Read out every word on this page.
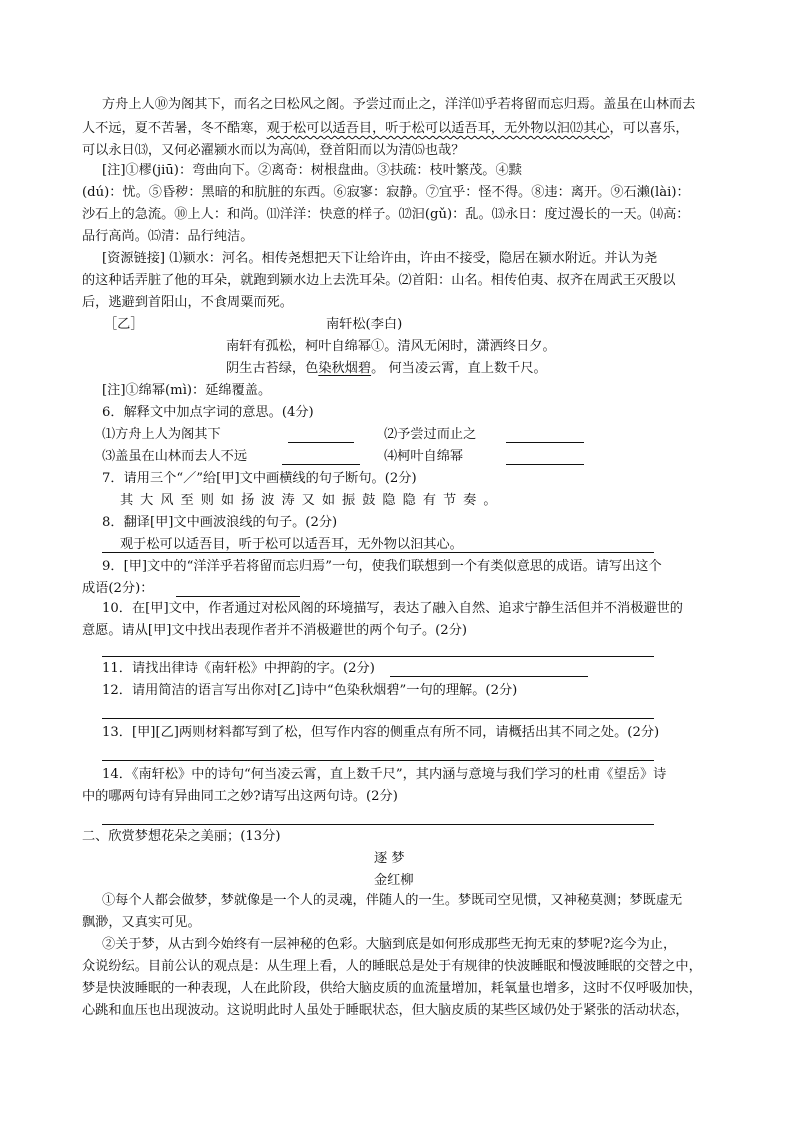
方舟上人⑩为阁其下，而名之曰松风之阁。予尝过而止之，洋洋⑾乎若将留而忘归焉。盖虽在山林而去
人不远，夏不苦暑，冬不酷寒，观于松可以适吾目，听于松可以适吾耳，无外物以汩⑿其心，可以喜乐，
可以永日⒀，又何必濯颍水而以为高⒁，登首阳而以为清⒂也哉？
[注]①樛(jiū)：弯曲向下。②离奇：树根盘曲。③扶疏：枝叶繁茂。④黩
(dú)：忧。⑤昏秽：黑暗的和肮脏的东西。⑥寂寥：寂静。⑦宜乎：怪不得。⑧违：离开。⑨石濑(lài)：
沙石上的急流。⑩上人：和尚。⑾洋洋：快意的样子。⑿汩(gǔ)：乱。⒀永日：度过漫长的一天。⒁高：
品行高尚。⒂清：品行纯洁。
[资源链接] ⑴颍水：河名。相传尧想把天下让给许由，许由不接受，隐居在颍水附近。并认为尧
的这种话弄脏了他的耳朵，就跑到颍水边上去洗耳朵。⑵首阳：山名。相传伯夷、叔齐在周武王灭殷以
后，逃避到首阳山，不食周粟而死。
［乙］	南轩松(李白)
南轩有孤松，柯叶自绵幂①。清风无闲时，潇洒终日夕。
阴生古苔绿，色染秋烟碧。 何当凌云霄，直上数千尺。
[注]①绵幂(mì)：延绵覆盖。
6．解释文中加点字词的意思。(4分)
⑴方舟上人为阁其下	⑵予尝过而止之
⑶盖虽在山林而去人不远	⑷柯叶自绵幂
7．请用三个“／”给[甲]文中画横线的句子断句。(2分)
其大风至则如扬波涛又如振鼓隐隐有节奏。
8．翻译[甲]文中画波浪线的句子。(2分)
观于松可以适吾目，听于松可以适吾耳，无外物以汩其心。
9．[甲]文中的“洋洋乎若将留而忘归焉”一句，使我们联想到一个有类似意思的成语。请写出这个
成语(2分)：
10．在[甲]文中，作者通过对松风阁的环境描写，表达了融入自然、追求宁静生活但并不消极避世的
意愿。请从[甲]文中找出表现作者并不消极避世的两个句子。(2分)
11．请找出律诗《南轩松》中押韵的字。(2分)
12．请用简洁的语言写出你对[乙]诗中“色染秋烟碧”一句的理解。(2分)
13．[甲][乙]两则材料都写到了松，但写作内容的侧重点有所不同，请概括出其不同之处。(2分)
14．《南轩松》中的诗句“何当凌云霄，直上数千尺”，其内涵与意境与我们学习的杜甫《望岳》诗
中的哪两句诗有异曲同工之妙?请写出这两句诗。(2分)
二、欣赏梦想花朵之美丽；(13分)
逐 梦
金红柳
①每个人都会做梦，梦就像是一个人的灵魂，伴随人的一生。梦既司空见惯，又神秘莫测；梦既虚无
飘渺，又真实可见。
②关于梦，从古到今始终有一层神秘的色彩。大脑到底是如何形成那些无拘无束的梦呢?迄今为止，
众说纷纭。目前公认的观点是：从生理上看，人的睡眠总是处于有规律的快波睡眠和慢波睡眠的交替之中，
梦是快波睡眠的一种表现，人在此阶段，供给大脑皮质的血流量增加，耗氧量也增多，这时不仅呼吸加快，
心跳和血压也出现波动。这说明此时人虽处于睡眠状态，但大脑皮质的某些区域仍处于紧张的活动状态，
